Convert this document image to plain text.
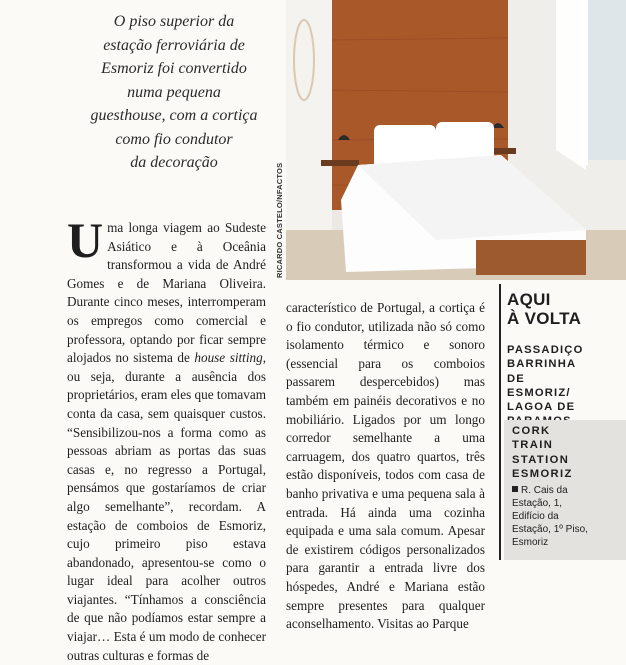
O piso superior da
estação ferroviária de
Esmoriz foi convertido
numa pequena
guesthouse, com a cortiça
como fio condutor
da decoração
RICARDO CASTELO/NFACTOS

Uma longa viagem ao Sudeste Asiático e à Oceânia transformou a vida de André Gomes e de Mariana Oliveira. Durante cinco meses, interromperam os empregos como comercial e professora, optando por ficar sempre alojados no sistema de house sitting, ou seja, durante a ausência dos proprietários, eram eles que tomavam conta da casa, sem quaisquer custos. “Sensibilizou-nos a forma como as pessoas abriam as portas das suas casas e, no regresso a Portugal, pensámos que gostaríamos de criar algo semelhante”, recordam. A estação de comboios de Esmoriz, cujo primeiro piso estava abandonado, apresentou-se como o lugar ideal para acolher outros viajantes. “Tínhamos a consciência de que não podíamos estar sempre a viajar… Esta é um modo de conhecer outras culturas e formas de

característico de Portugal, a cortiça é o fio condutor, utilizada não só como isolamento térmico e sonoro (essencial para os comboios passarem despercebidos) mas também em painéis decorativos e no mobiliário. Ligados por um longo corredor semelhante a uma carruagem, dos quatro quartos, três estão disponíveis, todos com casa de banho privativa e uma pequena sala à entrada. Há ainda uma cozinha equipada e uma sala comum. Apesar de existirem códigos personalizados para garantir a entrada livre dos hóspedes, André e Mariana estão sempre presentes para qualquer aconselhamento. Visitas ao Parque

AQUI
À VOLTA
PASSADIÇO
BARRINHA
DE
ESMORIZ/
LAGOA DE
CORK
TRAIN
STATION
ESMORIZ
R. Cais da
Estação, 1,
Edifício da
Estação, 1º Piso,
Esmoriz
